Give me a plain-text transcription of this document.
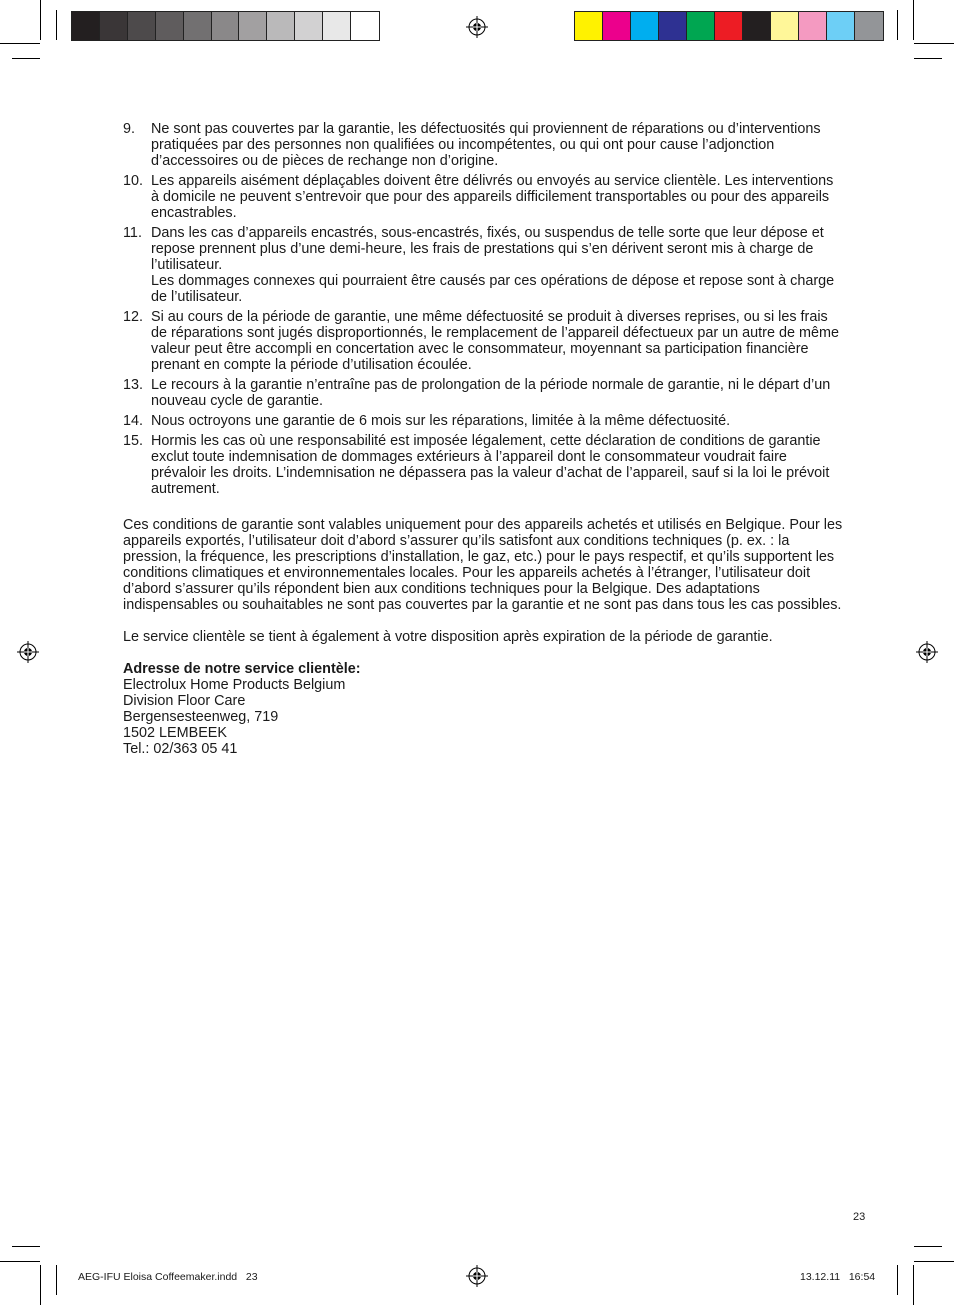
9. Ne sont pas couvertes par la garantie, les défectuosités qui proviennent de réparations ou d’interventions pratiquées par des personnes non qualifiées ou incompétentes, ou qui ont pour cause l’adjonction d’accessoires ou de pièces de rechange non d’origine.
10. Les appareils aisément déplaçables doivent être délivrés ou envoyés au service clientèle. Les interventions à domicile ne peuvent s’entrevoir que pour des appareils difficilement transportables ou pour des appareils encastrables.
11. Dans les cas d’appareils encastrés, sous-encastrés, fixés, ou suspendus de telle sorte que leur dépose et repose prennent plus d’une demi-heure, les frais de prestations qui s’en dérivent seront mis à charge de l’utilisateur.
Les dommages connexes qui pourraient être causés par ces opérations de dépose et repose sont à charge de l’utilisateur.
12. Si au cours de la période de garantie, une même défectuosité se produit à diverses reprises, ou si les frais de réparations sont jugés disproportionnés, le remplacement de l’appareil défectueux par un autre de même valeur peut être accompli en concertation avec le consommateur, moyennant sa participation financière prenant en compte la période d’utilisation écoulée.
13. Le recours à la garantie n’entraîne pas de prolongation de la période normale de garantie, ni le départ d’un nouveau cycle de garantie.
14. Nous octroyons une garantie de 6 mois sur les réparations, limitée à la même défectuosité.
15. Hormis les cas où une responsabilité est imposée légalement, cette déclaration de conditions de garantie exclut toute indemnisation de dommages extérieurs à l’appareil dont le consommateur voudrait faire prévaloir les droits. L’indemnisation ne dépassera pas la valeur d’achat de l’appareil, sauf si la loi le prévoit autrement.

Ces conditions de garantie sont valables uniquement pour des appareils achetés et utilisés en Belgique. Pour les appareils exportés, l’utilisateur doit d’abord s’assurer qu’ils satisfont aux conditions techniques (p. ex. : la pression, la fréquence, les prescriptions d’installation, le gaz, etc.) pour le pays respectif, et qu’ils supportent les conditions climatiques et environnementales locales. Pour les appareils achetés à l’étranger, l’utilisateur doit d’abord s’assurer qu’ils répondent bien aux conditions techniques pour la Belgique. Des adaptations indispensables ou souhaitables ne sont pas couvertes par la garantie et ne sont pas dans tous les cas possibles.

Le service clientèle se tient à également à votre disposition après expiration de la période de garantie.

Adresse de notre service clientèle:
Electrolux Home Products Belgium
Division Floor Care
Bergensesteenweg, 719
1502 LEMBEEK
Tel.: 02/363 05 41
23
AEG-IFU Eloisa Coffeemaker.indd   23	13.12.11   16:54
